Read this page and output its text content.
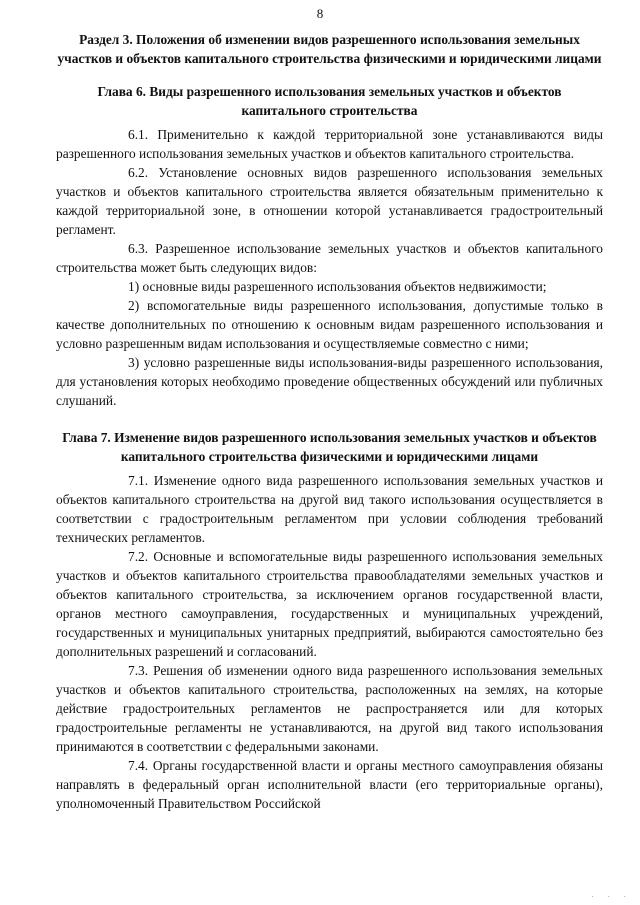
8

Раздел 3. Положения об изменении видов разрешенного использования земельных участков и объектов капитального строительства физическими и юридическими лицами

Глава 6. Виды разрешенного использования земельных участков и объектов капитального строительства

6.1. Применительно к каждой территориальной зоне устанавливаются виды разрешенного использования земельных участков и объектов капитального строительства.

6.2. Установление основных видов разрешенного использования земельных участков и объектов капитального строительства является обязательным применительно к каждой территориальной зоне, в отношении которой устанавливается градостроительный регламент.

6.3. Разрешенное использование земельных участков и объектов капитального строительства может быть следующих видов:

1) основные виды разрешенного использования объектов недвижимости;

2) вспомогательные виды разрешенного использования, допустимые только в качестве дополнительных по отношению к основным видам разрешенного использования и условно разрешенным видам использования и осуществляемые совместно с ними;

3) условно разрешенные виды использования-виды разрешенного использования, для установления которых необходимо проведение общественных обсуждений или публичных слушаний.

Глава 7. Изменение видов разрешенного использования земельных участков и объектов капитального строительства физическими и юридическими лицами

7.1. Изменение одного вида разрешенного использования земельных участков и объектов капитального строительства на другой вид такого использования осуществляется в соответствии с градостроительным регламентом при условии соблюдения требований технических регламентов.

7.2. Основные и вспомогательные виды разрешенного использования земельных участков и объектов капитального строительства правообладателями земельных участков и объектов капитального строительства, за исключением органов государственной власти, органов местного самоуправления, государственных и муниципальных учреждений, государственных и муниципальных унитарных предприятий, выбираются самостоятельно без дополнительных разрешений и согласований.

7.3. Решения об изменении одного вида разрешенного использования земельных участков и объектов капитального строительства, расположенных на землях, на которые действие градостроительных регламентов не распространяется или для которых градостроительные регламенты не устанавливаются, на другой вид такого использования принимаются в соответствии с федеральными законами.

7.4. Органы государственной власти и органы местного самоуправления обязаны направлять в федеральный орган исполнительной власти (его территориальные органы), уполномоченный Правительством Российской

· · ·
